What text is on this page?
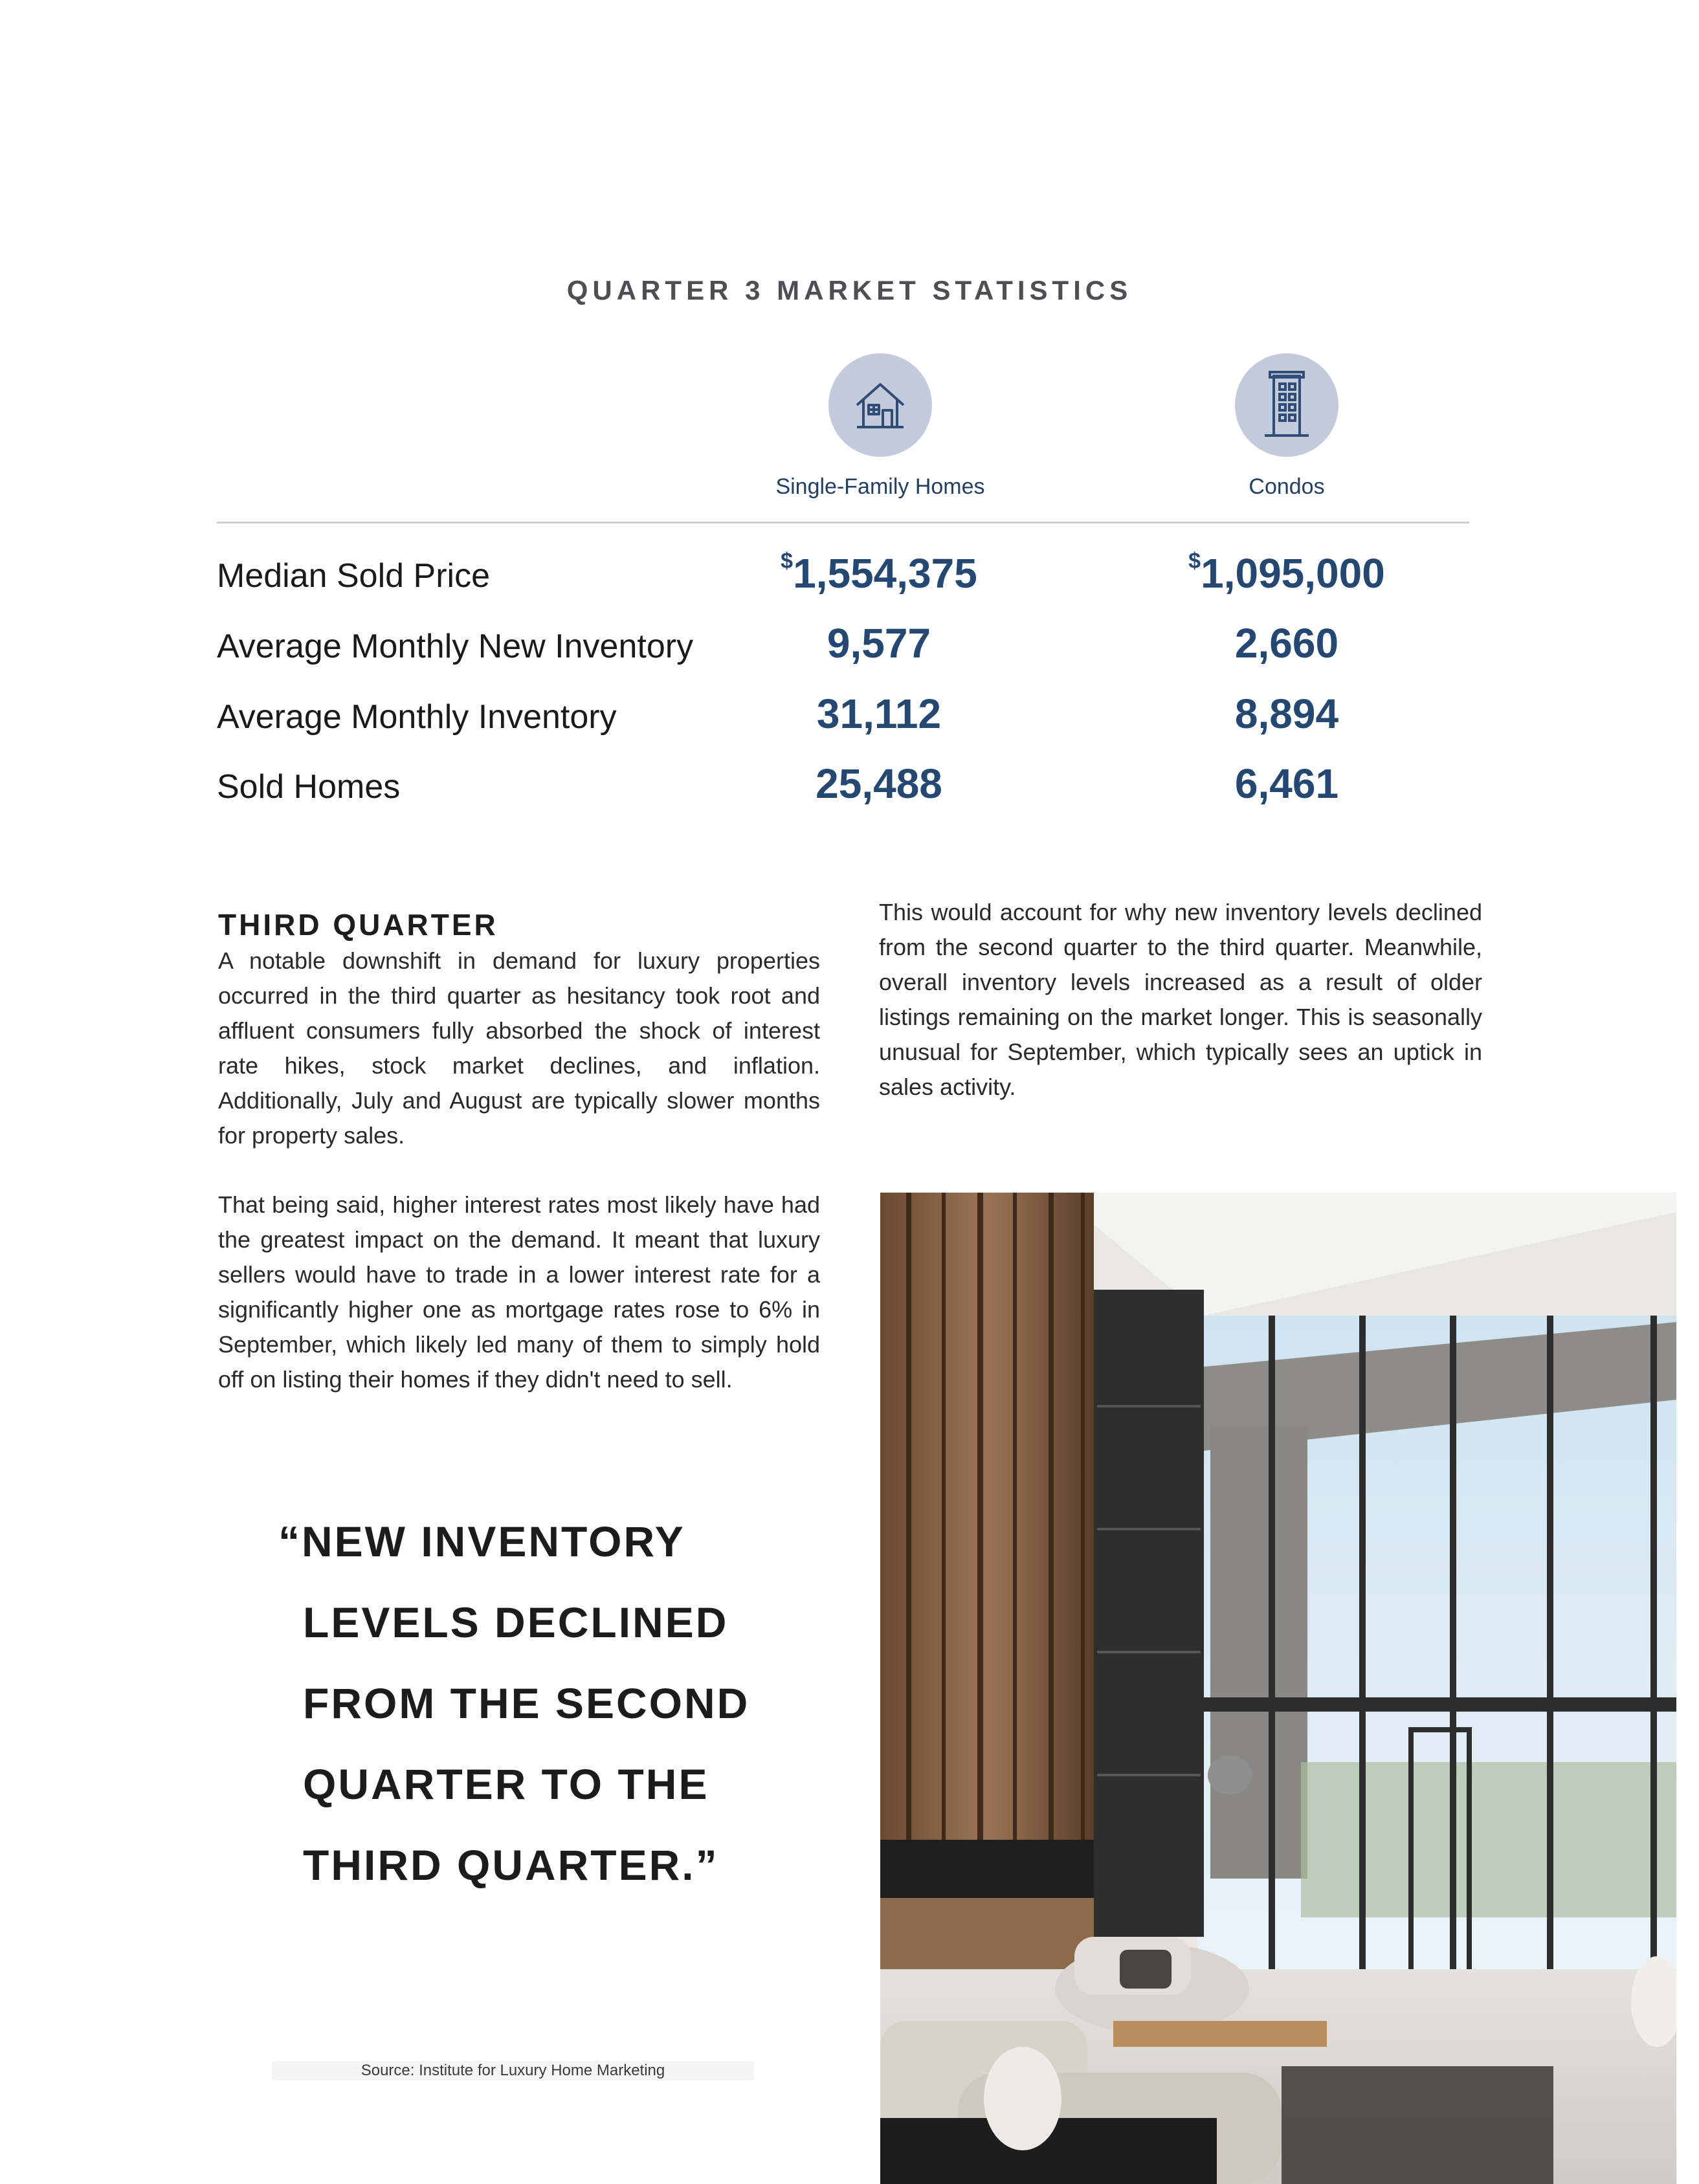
QUARTER 3 MARKET STATISTICS
Single-Family Homes	Condos
Median Sold Price	$1,554,375	$1,095,000
Average Monthly New Inventory	9,577	2,660
Average Monthly Inventory	31,112	8,894
Sold Homes	25,488	6,461
THIRD QUARTER
A notable downshift in demand for luxury properties occurred in the third quarter as hesitancy took root and affluent consumers fully absorbed the shock of interest rate hikes, stock market declines, and inflation. Additionally, July and August are typically slower months for property sales.
That being said, higher interest rates most likely have had the greatest impact on the demand. It meant that luxury sellers would have to trade in a lower interest rate for a significantly higher one as mortgage rates rose to 6% in September, which likely led many of them to simply hold off on listing their homes if they didn't need to sell.
This would account for why new inventory levels declined from the second quarter to the third quarter. Meanwhile, overall inventory levels increased as a result of older listings remaining on the market longer. This is seasonally unusual for September, which typically sees an uptick in sales activity.
“NEW INVENTORY
LEVELS DECLINED
FROM THE SECOND
QUARTER TO THE
THIRD QUARTER.”
Source: Institute for Luxury Home Marketing
